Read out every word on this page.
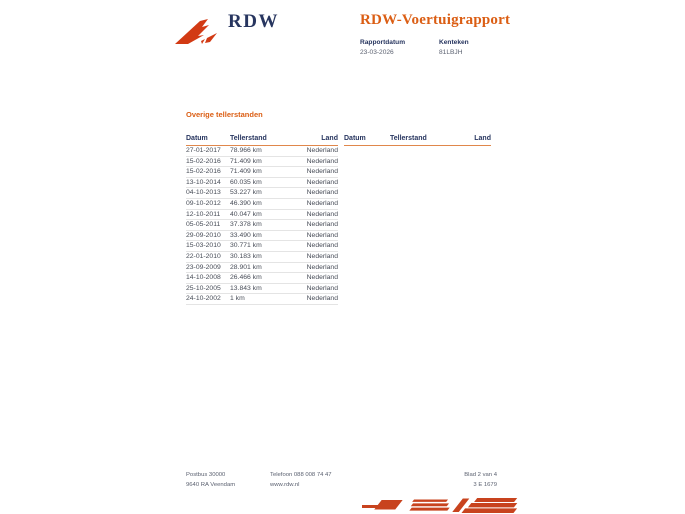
RDW	RDW-Voertuigrapport
Rapportdatum
23-03-2026
Kenteken
81LBJH
Overige tellerstanden
Datum	Tellerstand	Land
27-01-2017	78.966 km	Nederland
15-02-2016	71.409 km	Nederland
15-02-2016	71.409 km	Nederland
13-10-2014	60.035 km	Nederland
04-10-2013	53.227 km	Nederland
09-10-2012	46.390 km	Nederland
12-10-2011	40.047 km	Nederland
05-05-2011	37.378 km	Nederland
29-09-2010	33.490 km	Nederland
15-03-2010	30.771 km	Nederland
22-01-2010	30.183 km	Nederland
23-09-2009	28.901 km	Nederland
14-10-2008	26.466 km	Nederland
25-10-2005	13.843 km	Nederland
24-10-2002	1 km	Nederland
Datum	Tellerstand	Land
Postbus 30000
9640 RA Veendam
Telefoon 088 008 74 47
www.rdw.nl
Blad 2 van 4
3 E 1679
